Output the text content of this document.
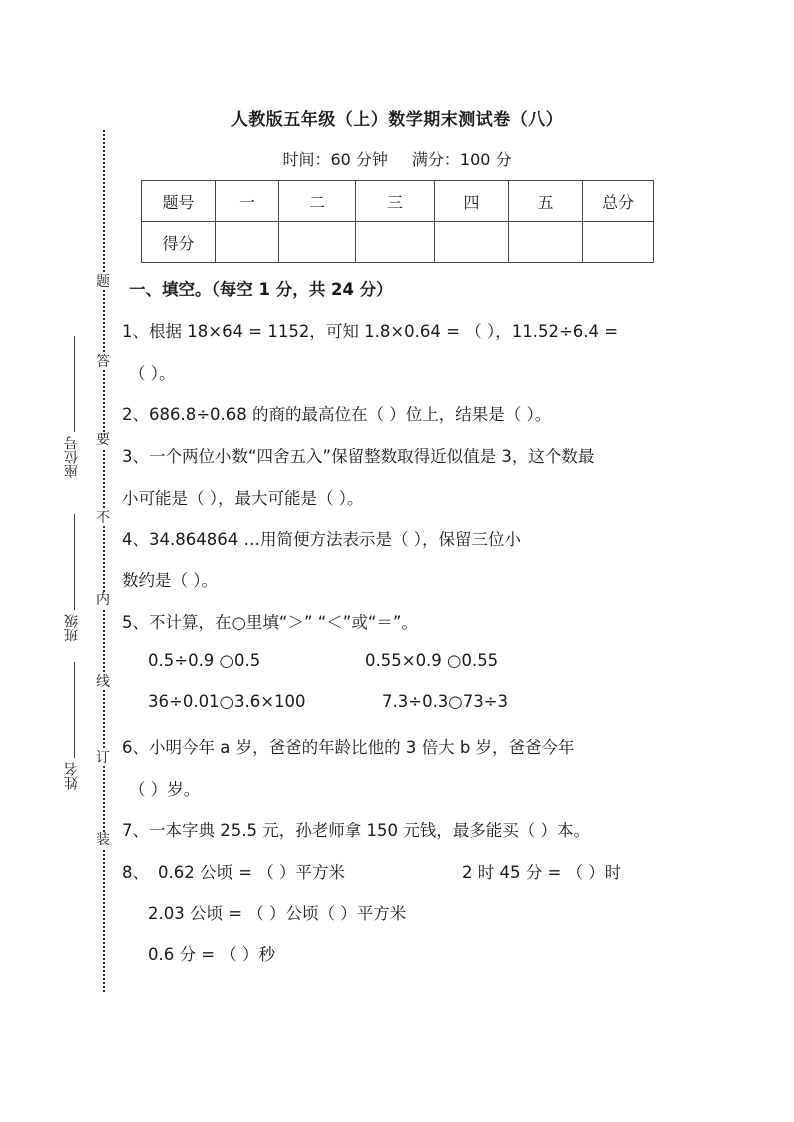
座位号
班级
姓名
题
答
要
不
内
线
订
装
人教版五年级（上）数学期末测试卷（八）
时间：60 分钟 满分：100 分
题号	一	二	三	四	五	总分
得分						
一、填空。（每空 1 分，共 24 分）
1、根据 18×64 = 1152，可知 1.8×0.64 = （ ），11.52÷6.4 =
（ ）。
2、686.8÷0.68 的商的最高位在（ ）位上，结果是（ ）。
3、一个两位小数“四舍五入”保留整数取得近似值是 3，这个数最
小可能是（ ），最大可能是（ ）。
4、34.864864 …用简便方法表示是（ ），保留三位小
数约是（ ）。
5、不计算，在○里填“＞” “＜”或“＝”。
0.5÷0.9 ○0.5	0.55×0.9 ○0.55
36÷0.01○3.6×100	7.3÷0.3○73÷3
6、小明今年 a 岁，爸爸的年龄比他的 3 倍大 b 岁，爸爸今年
（ ）岁。
7、一本字典 25.5 元，孙老师拿 150 元钱，最多能买（ ）本。
8、 0.62 公顷 = （ ）平方米	2 时 45 分 = （ ）时
2.03 公顷 = （ ）公顷（ ）平方米
0.6 分 = （ ）秒
